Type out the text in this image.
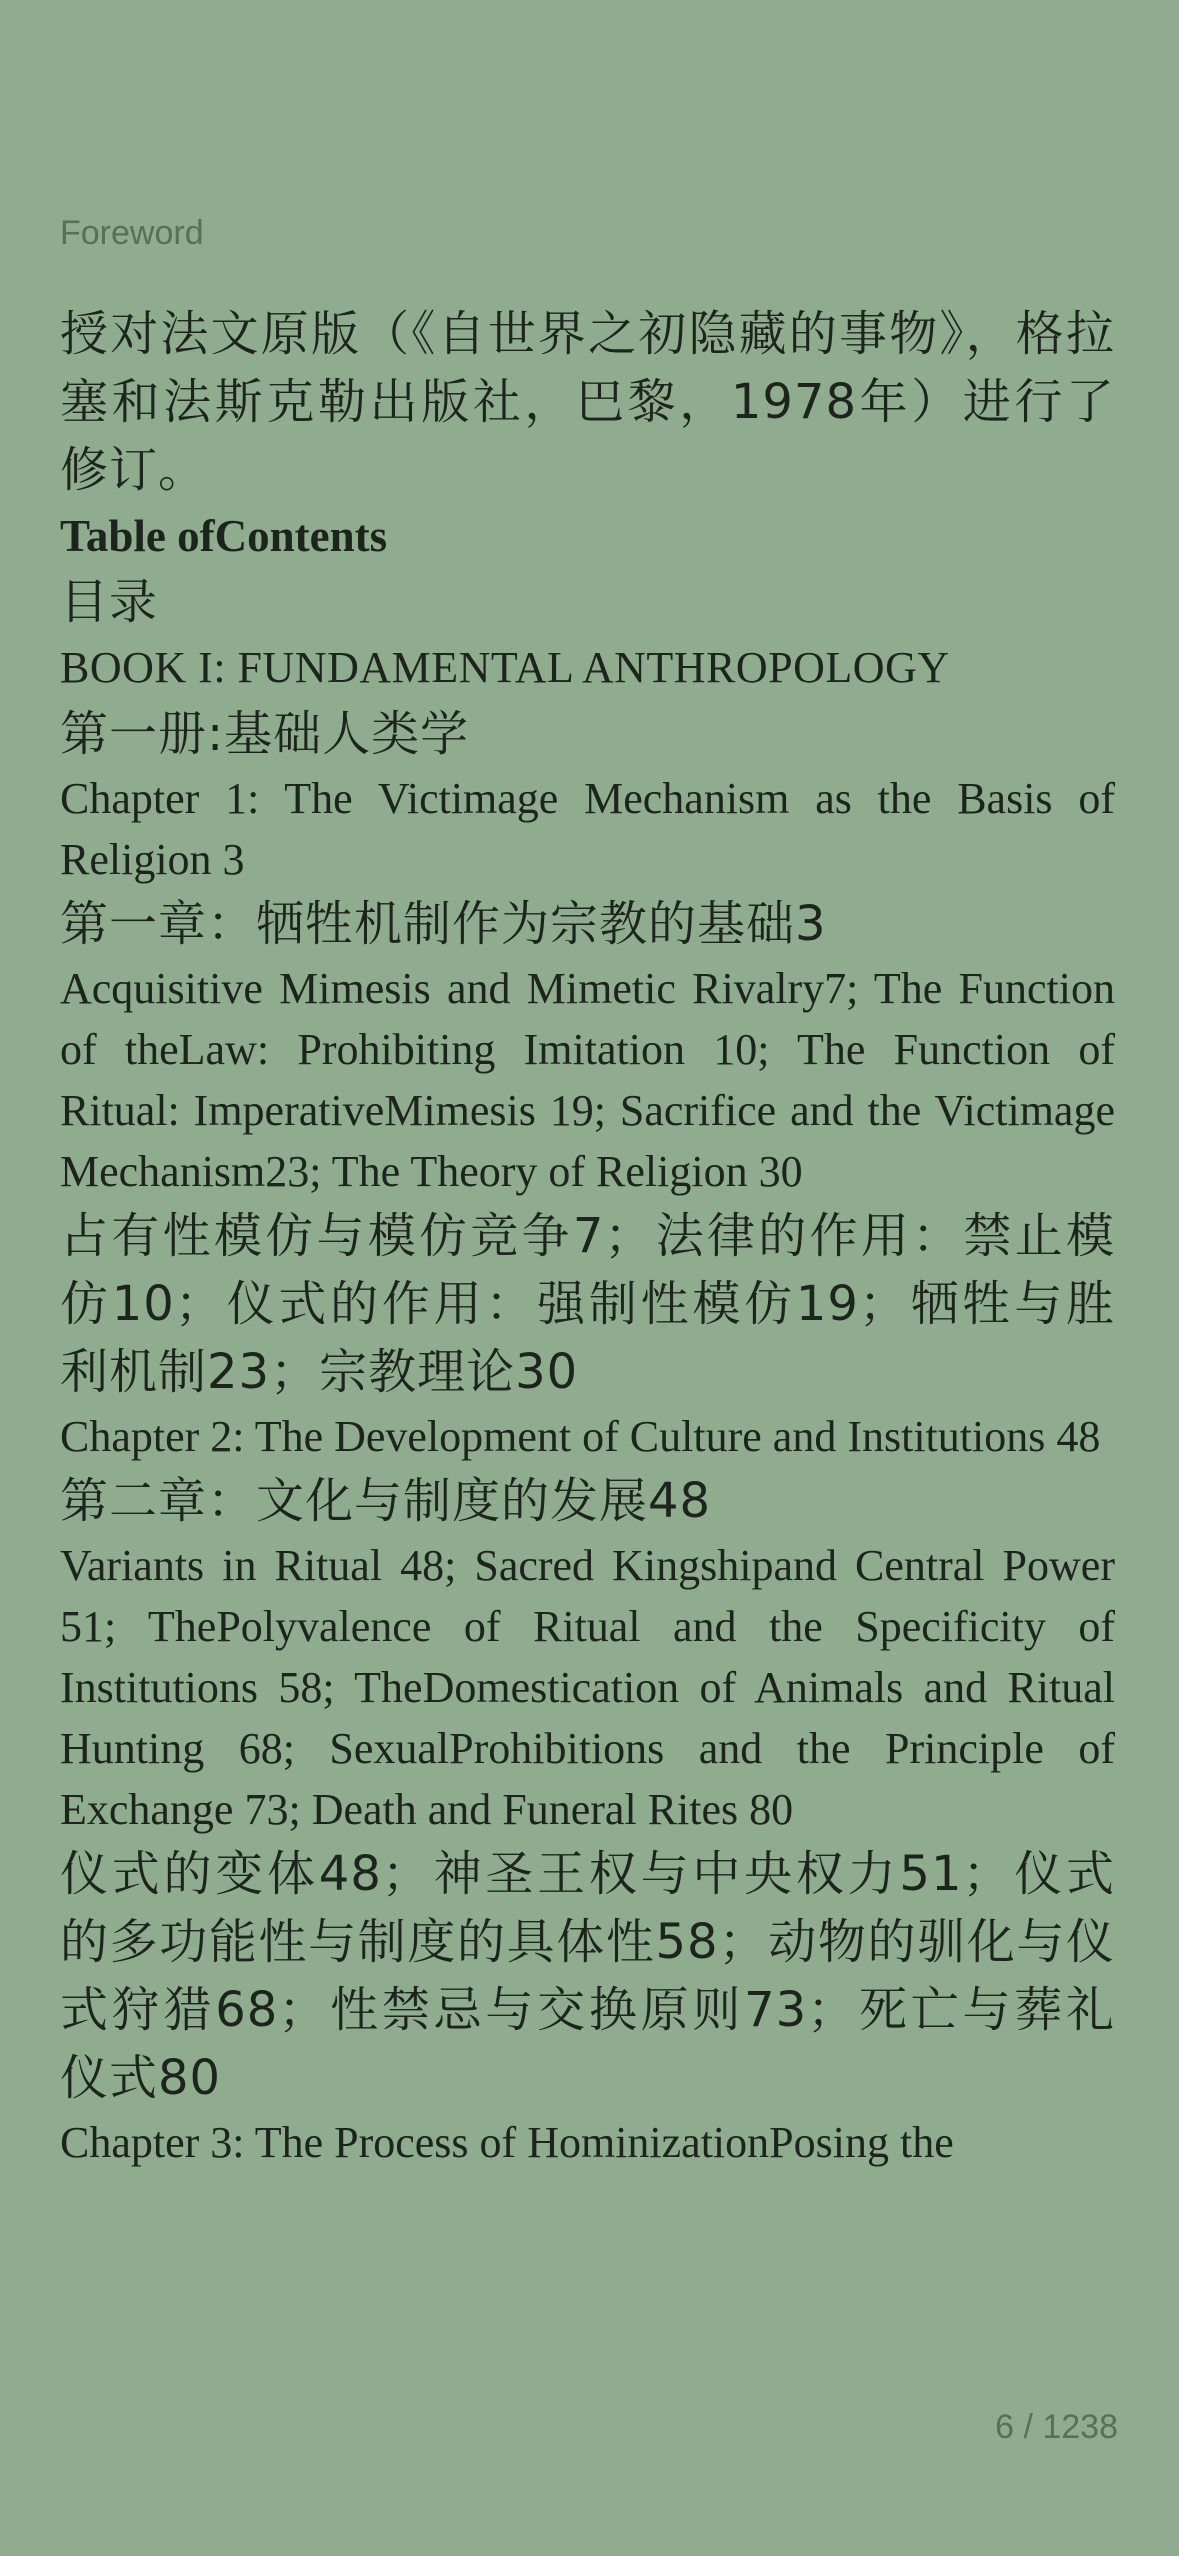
Foreword

授对法文原版（《自世界之初隐藏的事物》，格拉塞和法斯克勒出版社，巴黎，1978年）进行了修订。

Table ofContents

目录

BOOK I: FUNDAMENTAL ANTHROPOLOGY

第一册:基础人类学

Chapter 1: The Victimage Mechanism as the Basis of Religion 3

第一章：牺牲机制作为宗教的基础3

Acquisitive Mimesis and Mimetic Rivalry7; The Function of theLaw: Prohibiting Imitation 10; The Function of Ritual: ImperativeMimesis 19; Sacrifice and the Victimage Mechanism23; The Theory of Religion 30

占有性模仿与模仿竞争7；法律的作用：禁止模仿10；仪式的作用：强制性模仿19；牺牲与胜利机制23；宗教理论30

Chapter 2: The Development of Culture and Institutions 48

第二章：文化与制度的发展48

Variants in Ritual 48; Sacred Kingshipand Central Power 51; ThePolyvalence of Ritual and the Specificity of Institutions 58; TheDomestication of Animals and Ritual Hunting 68; SexualProhibitions and the Principle of Exchange 73; Death and Funeral Rites 80

仪式的变体48；神圣王权与中央权力51；仪式的多功能性与制度的具体性58；动物的驯化与仪式狩猎68；性禁忌与交换原则73；死亡与葬礼仪式80

Chapter 3: The Process of HominizationPosing the

6 / 1238
